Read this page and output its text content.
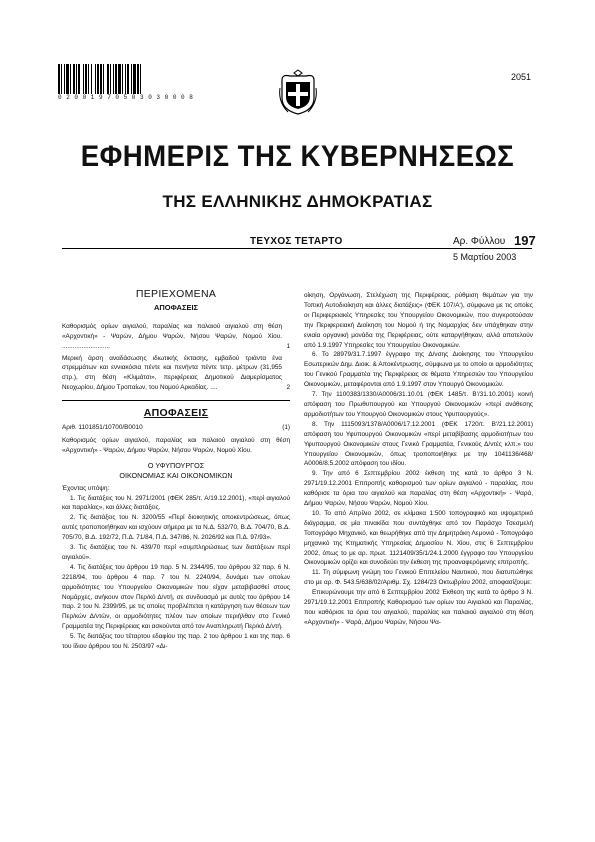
0 2 0 0 1 9 7 0 5 0 3 0 3 0 0 0 8
2051
ΕΦΗΜΕΡΙΣ ΤΗΣ ΚΥΒΕΡΝΗΣΕΩΣ
ΤΗΣ ΕΛΛΗΝΙΚΗΣ ΔΗΜΟΚΡΑΤΙΑΣ
ΤΕΥΧΟΣ ΤΕΤΑΡΤΟ	Αρ. Φύλλου 197
5 Μαρτίου 2003
ΠΕΡΙΕΧΟΜΕΝΑ
ΑΠΟΦΑΣΕΙΣ
Καθορισμός ορίων αιγιαλού, παραλίας και παλαιού αιγιαλού στη θέση «Αρχοντική» - Ψαρών, Δήμου Ψαρών, Νήσου Ψαρών, Νομού Χίου. ...........................	1
Μερική άρση αναδάσωσης ιδιωτικής έκτασης, εμβαδού τριάντα ένα στρεμμάτων και εννιακόσια πέντε και πενήντα πέντε τετρ. μέτρων (31,955 στρ.), στη θέση «Κλιμάτσι», περιφέρειας Δημοτικού Διαμερίσματος Νεοχωρίου, Δήμου Τροπαίων, του Νομού Αρκαδίας. ....	2
ΑΠΟΦΑΣΕΙΣ
Αριθ. 1101851/10700/Β0010	(1)
Καθορισμός ορίων αιγιαλού, παραλίας και παλαιού αιγιαλού στη θέση «Αρχοντική» - Ψαρών, Δήμου Ψαρών, Νήσου Ψαρών, Νομού Χίου.
Ο ΥΦΥΠΟΥΡΓΟΣ
ΟΙΚΟΝΟΜΙΑΣ ΚΑΙ ΟΙΚΟΝΟΜΙΚΩΝ
Έχοντας υπόψη:
1. Τις διατάξεις του Ν. 2971/2001 (ΦΕΚ 285/τ. Α/19.12.2001), «περί αιγιαλού και παραλίας», και άλλες διατάξεις.
2. Τις διατάξεις του Ν. 3200/55 «Περί διοικητικής αποκεντρώσεως, όπως αυτές τροποποιήθηκαν και ισχύουν σήμερα με τα Ν.Δ. 532/70, Β.Δ. 704/70, Β.Δ. 705/70, Β.Δ. 192/72, Π.Δ. 71/84, Π.Δ. 347/86, Ν. 2026/92 και Π.Δ. 97/93».
3. Τις διατάξεις του Ν. 439/70 περί «συμπληρώσεως των διατάξεων περί αιγιαλού».
4. Τις διατάξεις του άρθρου 19 παρ. 5 Ν. 2344/95, του άρθρου 32 παρ. 6 Ν. 2218/94, του άρθρου 4 παρ. 7 του Ν. 2240/94, δυνάμει των οποίων αρμοδιότητες του Υπουργείου Οικονομικών που είχαν μεταβιβασθεί στους Νομάρχες, ανήκουν στον Περ/κό Δ/ντή, σε συνδυασμό με αυτές του άρθρου 14 παρ. 2 του Ν. 2399/95, με τις οποίες προβλέπεται η κατάργηση των θέσεων των Περ/κών Δ/ντών, οι αρμοδιότητες πλέον των οποίων περιήλθαν στο Γενικό Γραμματέα της Περιφέρειας και ασκούνται από τον Αναπληρωτή Περ/κό Δ/ντή.
5. Τις διατάξεις του τέταρτου εδαφίου της παρ. 2 του άρθρου 1 και της παρ. 6 του ίδιου άρθρου του Ν. 2503/97 «Δι-
οίκηση, Οργάνωση, Στελέχωση της Περιφέρειας, ρύθμιση θεμάτων για την Τοπική Αυτοδιοίκηση και άλλες διατάξεις» (ΦΕΚ 107/Α'), σύμφωνα με τις οποίες οι Περιφερειακές Υπηρεσίες του Υπουργείου Οικονομικών, που συγκροτούσαν την Περιφερειακή Διοίκηση του Νομού ή της Νομαρχίας δεν υπάχθηκαν στην ενιαία οργανική μονάδα της Περιφέρειας, ούτε καταργήθηκαν, αλλά αποτελούν από 1.9.1997 Υπηρεσίες του Υπουργείου Οικονομικών.
6. Το 28979/31.7.1997 έγγραφο της Δ/νσης Διοίκησης του Υπουργείου Εσωτερικών Δημ. Διοικ. & Αποκέντρωσης, σύμφωνα με το οποίο οι αρμοδιότητες του Γενικού Γραμματέα της Περιφέρειας σε θέματα Υπηρεσιών του Υπουργείου Οικονομικών, μεταφέρονται από 1.9.1997 στον Υπουργό Οικονομικών.
7. Την 1100383/1330/Α0006/31.10.01 (ΦΕΚ 1485/τ. Β'/31.10.2001) κοινή απόφαση του Πρωθυπουργού και Υπουργού Οικονομικών «περί ανάθεσης αρμοδιοτήτων του Υπουργού Οικονομικών στους Υφυπουργούς».
8. Την 1115093/1378/Α0006/17.12.2001 (ΦΕΚ 1720/τ. Β'/21.12.2001) απόφαση του Υφυπουργού Οικονομικών «περί μεταβίβασης αρμοδιοτήτων του Υφυπουργού Οικονομικών στους Γενικό Γραμματέα, Γενικούς Δ/ντές κλπ.» του Υπουργείου Οικονομικών, όπως τροποποιήθηκε με την 1041136/468/Α0006/8.5.2002 απόφαση του ιδίου.
9. Την από 6 Σεπτεμβρίου 2002 έκθεση της κατά το άρθρο 3 Ν. 2971/19.12.2001 Επιτροπής καθορισμού των ορίων αιγιαλού - παραλίας, που καθόρισε τα όρια του αιγιαλού και παραλίας στη θέση «Αρχοντική» - Ψαρά, Δήμου Ψαρών, Νήσου Ψαρών, Νομού Χίου.
10. Το από Απρίλιο 2002, σε κλίμακα 1:500 τοπογραφικό και υψομετρικό διάγραμμα, σε μία πινακίδα που συντάχθηκε από τον Παράσχο Τσεσμελή Τοπογράφο Μηχανικό, και θεωρήθηκε από την Δημητράκη Λεμονιά - Τοπογράφο μηχανικό της Κτηματικής Υπηρεσίας Δημοσίου Ν. Χίου, στις 6 Σεπτεμβρίου 2002, όπως το με αρ. πρωτ. 1121409/35/1/24.1.2000 έγγραφο του Υπουργείου Οικονομικών ορίζει και συνοδεύει την έκθεση της προαναφερόμενης επιτροπής.
11. Τη σύμφωνη γνώμη του Γενικού Επιτελείου Ναυτικού, που διατυπώθηκε στο με αρ. Φ. 543.5/638/02/Αριθμ. Σχ. 1284/23 Οκτωβρίου 2002, αποφασίζουμε:
Επικυρώνουμε την από 6 Σεπτεμβρίου 2002 Έκθεση της κατά το άρθρο 3 Ν. 2971/19.12.2001 Επιτροπής Καθορισμού των ορίων του Αιγιαλού και Παραλίας, που καθόρισε τα όρια του αιγιαλού, παραλίας και παλαιού αιγιαλού στη θέση «Αρχοντική» - Ψαρά, Δήμου Ψαρών, Νήσου Ψα-
